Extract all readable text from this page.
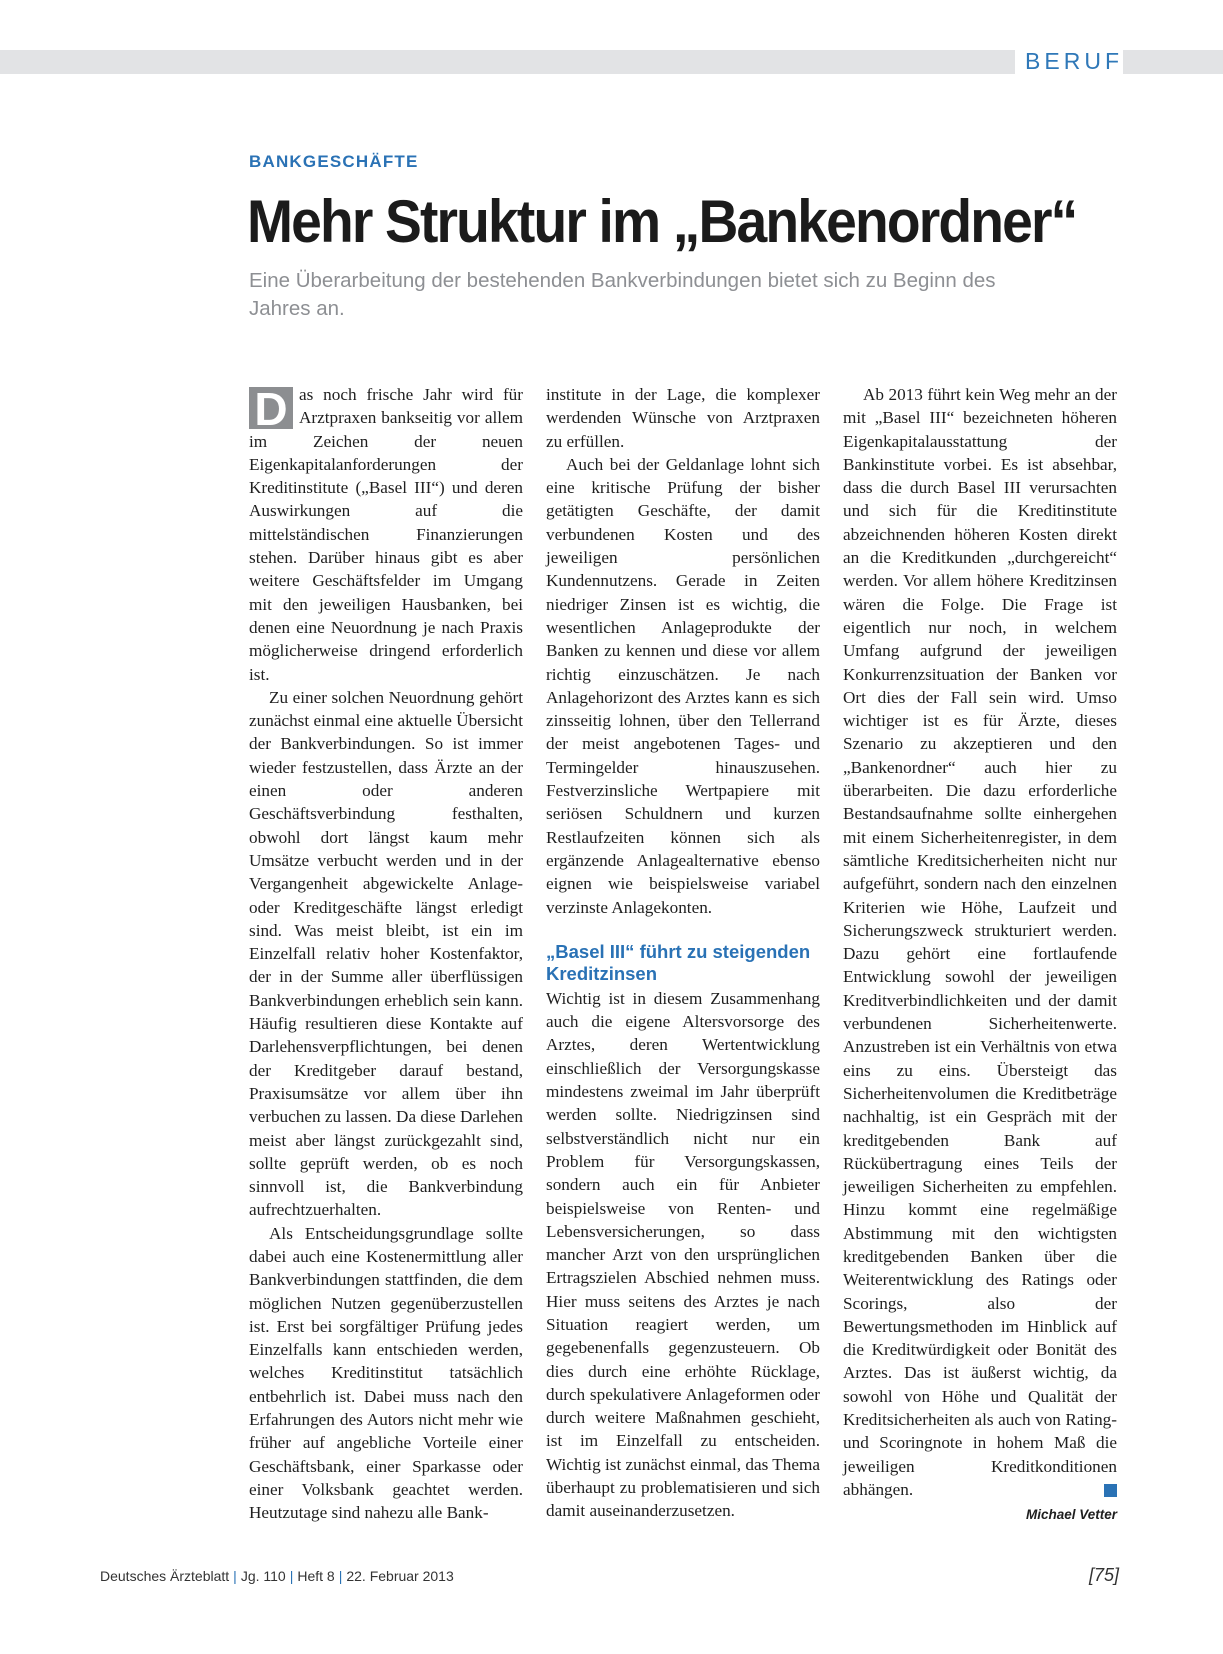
BERUF
BANKGESCHÄFTE
Mehr Struktur im „Bankenordner“
Eine Überarbeitung der bestehenden Bankverbindungen bietet sich zu Beginn des Jahres an.

D as noch frische Jahr wird für Arztpraxen bankseitig vor allem im Zeichen der neuen Eigenkapitalanforderungen der Kreditinstitute („Basel III“) und deren Auswirkungen auf die mittelständischen Finanzierungen stehen. Darüber hinaus gibt es aber weitere Geschäftsfelder im Umgang mit den jeweiligen Hausbanken, bei denen eine Neuordnung je nach Praxis möglicherweise dringend erforderlich ist.

Zu einer solchen Neuordnung gehört zunächst einmal eine aktuelle Übersicht der Bankverbindungen. So ist immer wieder festzustellen, dass Ärzte an der einen oder anderen Geschäftsverbindung festhalten, obwohl dort längst kaum mehr Umsätze verbucht werden und in der Vergangenheit abgewickelte Anlage- oder Kreditgeschäfte längst erledigt sind. Was meist bleibt, ist ein im Einzelfall relativ hoher Kostenfaktor, der in der Summe aller überflüssigen Bankverbindungen erheblich sein kann. Häufig resultieren diese Kontakte auf Darlehensverpflichtungen, bei denen der Kreditgeber darauf bestand, Praxisumsätze vor allem über ihn verbuchen zu lassen. Da diese Darlehen meist aber längst zurückgezahlt sind, sollte geprüft werden, ob es noch sinnvoll ist, die Bankverbindung aufrechtzuerhalten.

Als Entscheidungsgrundlage sollte dabei auch eine Kostenermittlung aller Bankverbindungen stattfinden, die dem möglichen Nutzen gegenüberzustellen ist. Erst bei sorgfältiger Prüfung jedes Einzelfalls kann entschieden werden, welches Kreditinstitut tatsächlich entbehrlich ist. Dabei muss nach den Erfahrungen des Autors nicht mehr wie früher auf angebliche Vorteile einer Geschäftsbank, einer Sparkasse oder einer Volksbank geachtet werden. Heutzutage sind nahezu alle Bank-

institute in der Lage, die komplexer werdenden Wünsche von Arztpraxen zu erfüllen.

Auch bei der Geldanlage lohnt sich eine kritische Prüfung der bisher getätigten Geschäfte, der damit verbundenen Kosten und des jeweiligen persönlichen Kundennutzens. Gerade in Zeiten niedriger Zinsen ist es wichtig, die wesentlichen Anlageprodukte der Banken zu kennen und diese vor allem richtig einzuschätzen. Je nach Anlagehorizont des Arztes kann es sich zinsseitig lohnen, über den Tellerrand der meist angebotenen Tages- und Termingelder hinauszusehen. Festverzinsliche Wertpapiere mit seriösen Schuldnern und kurzen Restlaufzeiten können sich als ergänzende Anlagealternative ebenso eignen wie beispielsweise variabel verzinste Anlagekonten.

„Basel III“ führt zu steigenden Kreditzinsen

Wichtig ist in diesem Zusammenhang auch die eigene Altersvorsorge des Arztes, deren Wertentwicklung einschließlich der Versorgungskasse mindestens zweimal im Jahr überprüft werden sollte. Niedrigzinsen sind selbstverständlich nicht nur ein Problem für Versorgungskassen, sondern auch ein für Anbieter beispielsweise von Renten- und Lebensversicherungen, so dass mancher Arzt von den ursprünglichen Ertragszielen Abschied nehmen muss. Hier muss seitens des Arztes je nach Situation reagiert werden, um gegebenenfalls gegenzusteuern. Ob dies durch eine erhöhte Rücklage, durch spekulativere Anlageformen oder durch weitere Maßnahmen geschieht, ist im Einzelfall zu entscheiden. Wichtig ist zunächst einmal, das Thema überhaupt zu problematisieren und sich damit auseinanderzusetzen.

Ab 2013 führt kein Weg mehr an der mit „Basel III“ bezeichneten höheren Eigenkapitalausstattung der Bankinstitute vorbei. Es ist absehbar, dass die durch Basel III verursachten und sich für die Kreditinstitute abzeichnenden höheren Kosten direkt an die Kreditkunden „durchgereicht“ werden. Vor allem höhere Kreditzinsen wären die Folge. Die Frage ist eigentlich nur noch, in welchem Umfang aufgrund der jeweiligen Konkurrenzsituation der Banken vor Ort dies der Fall sein wird. Umso wichtiger ist es für Ärzte, dieses Szenario zu akzeptieren und den „Bankenordner“ auch hier zu überarbeiten. Die dazu erforderliche Bestandsaufnahme sollte einhergehen mit einem Sicherheitenregister, in dem sämtliche Kreditsicherheiten nicht nur aufgeführt, sondern nach den einzelnen Kriterien wie Höhe, Laufzeit und Sicherungszweck strukturiert werden. Dazu gehört eine fortlaufende Entwicklung sowohl der jeweiligen Kreditverbindlichkeiten und der damit verbundenen Sicherheitenwerte. Anzustreben ist ein Verhältnis von etwa eins zu eins. Übersteigt das Sicherheitenvolumen die Kreditbeträge nachhaltig, ist ein Gespräch mit der kreditgebenden Bank auf Rückübertragung eines Teils der jeweiligen Sicherheiten zu empfehlen. Hinzu kommt eine regelmäßige Abstimmung mit den wichtigsten kreditgebenden Banken über die Weiterentwicklung des Ratings oder Scorings, also der Bewertungsmethoden im Hinblick auf die Kreditwürdigkeit oder Bonität des Arztes. Das ist äußerst wichtig, da sowohl von Höhe und Qualität der Kreditsicherheiten als auch von Rating- und Scoringnote in hohem Maß die jeweiligen Kreditkonditionen abhängen.

Michael Vetter
Deutsches Ärzteblatt | Jg. 110 | Heft 8 | 22. Februar 2013	[75]
